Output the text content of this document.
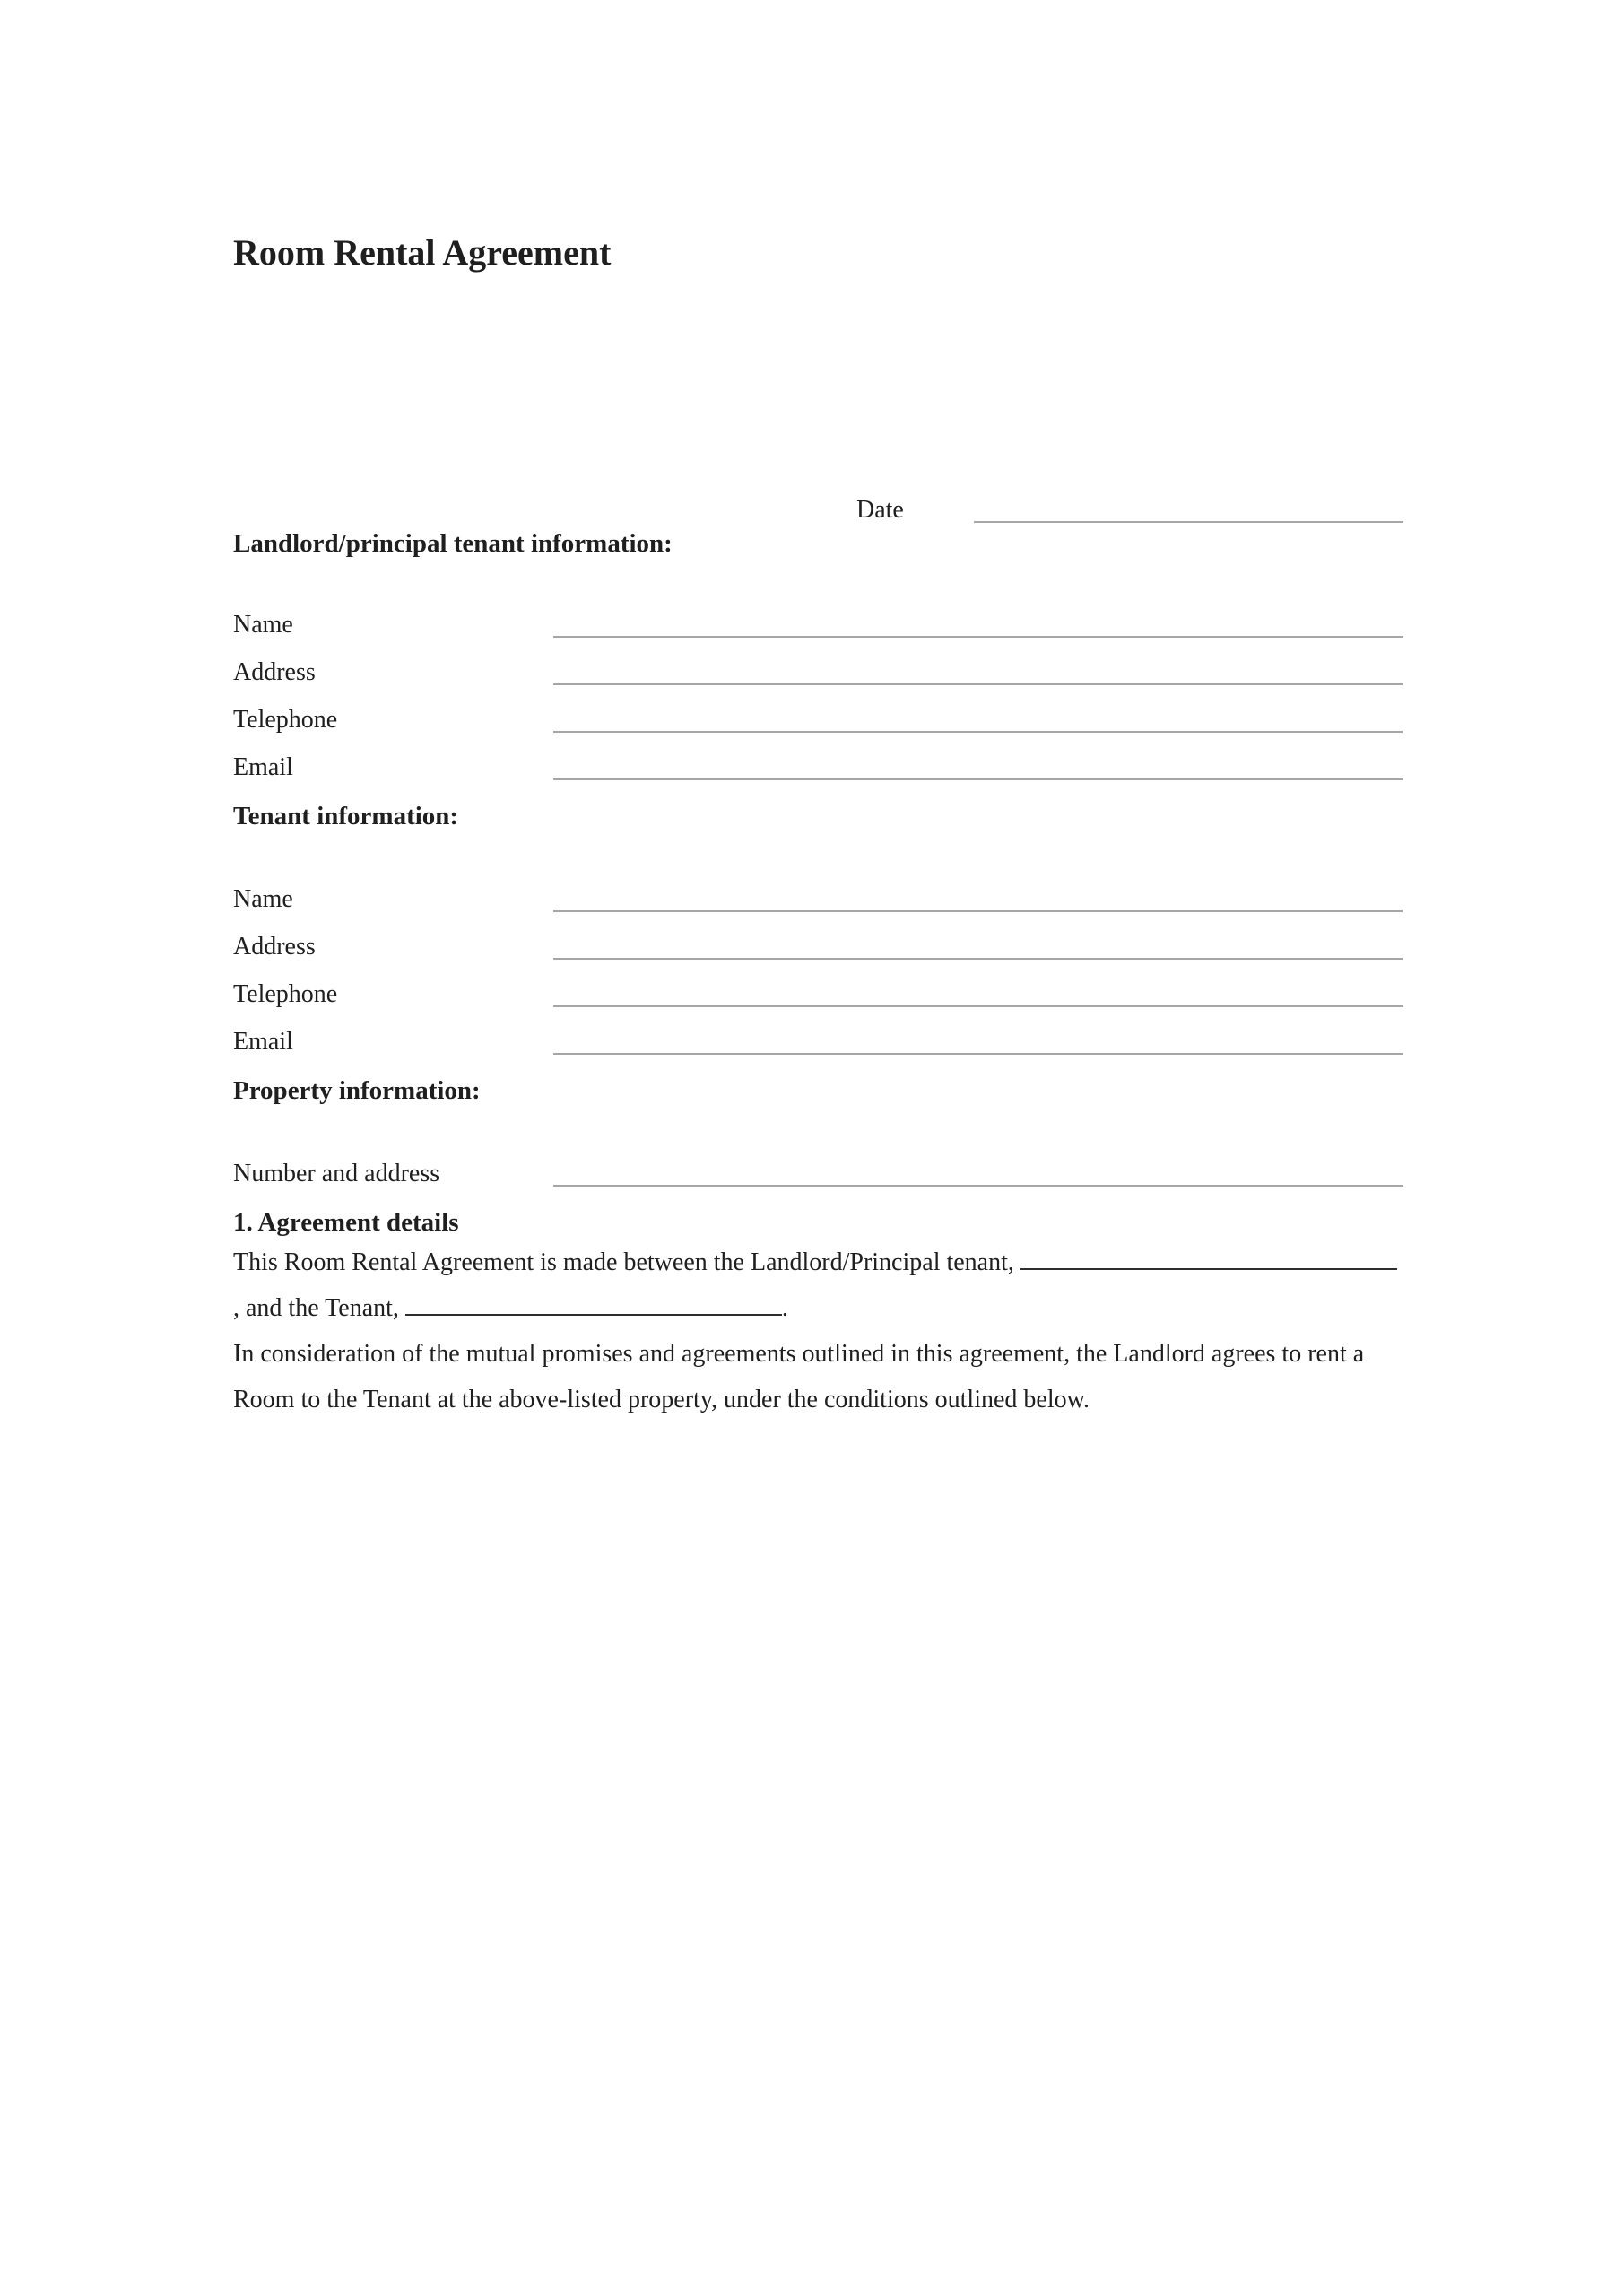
Room Rental Agreement
Date
Landlord/principal tenant information:
Name
Address
Telephone
Email
Tenant information:
Name
Address
Telephone
Email
Property information:
Number and address
1. Agreement details

This Room Rental Agreement is made between the Landlord/Principal tenant, , and the Tenant,	.

In consideration of the mutual promises and agreements outlined in this agreement, the Landlord agrees to rent a Room to the Tenant at the above-listed property, under the conditions outlined below.
